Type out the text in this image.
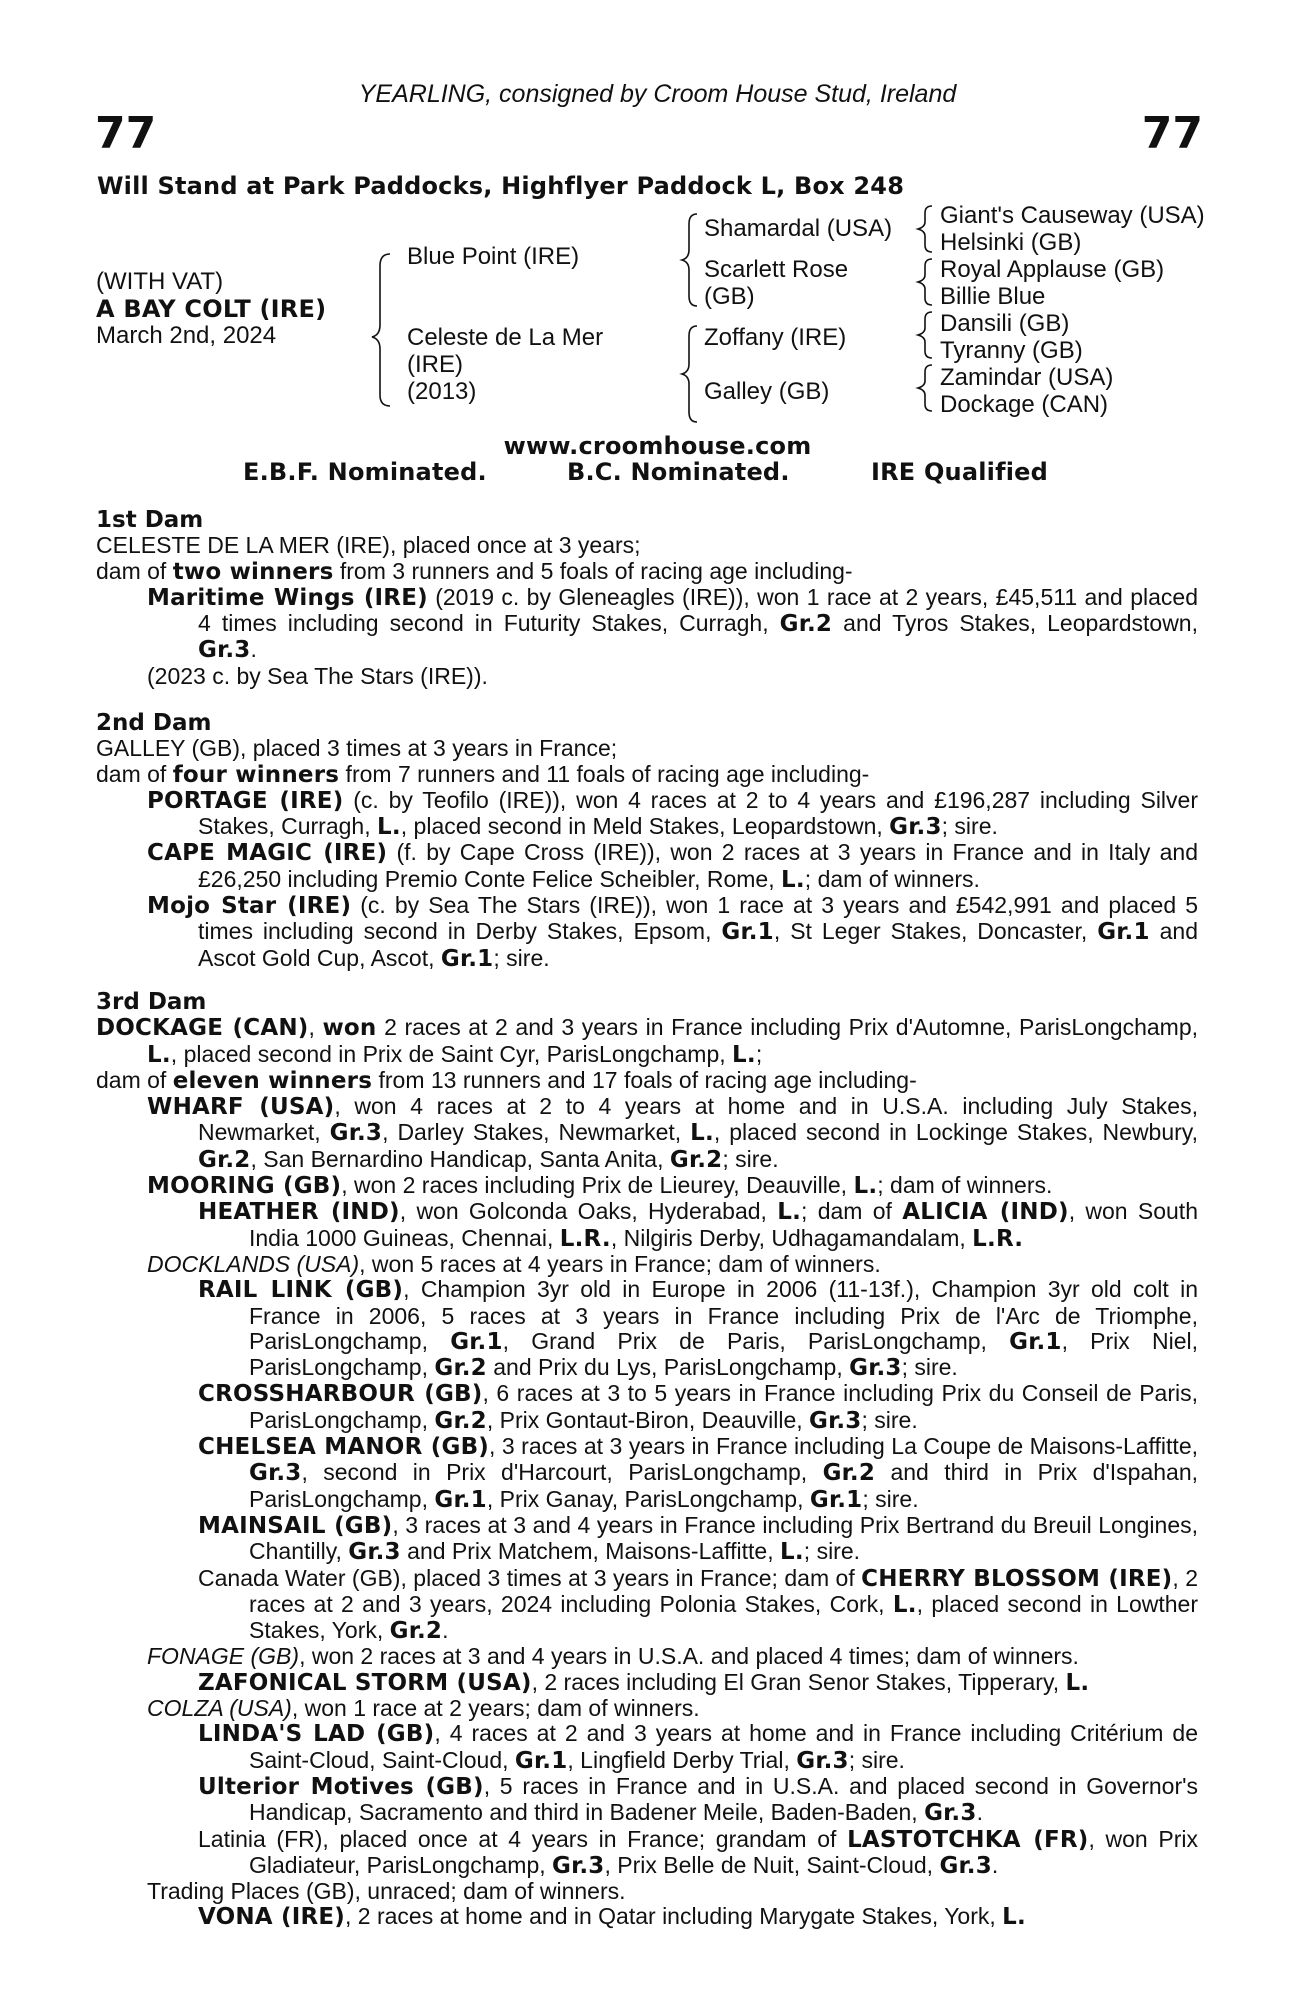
YEARLING, consigned by Croom House Stud, Ireland
77	77
Will Stand at Park Paddocks, Highflyer Paddock L, Box 248
(WITH VAT)
A BAY COLT (IRE)
March 2nd, 2024
Blue Point (IRE)
Celeste de La Mer
(IRE)
(2013)
Shamardal (USA)
Scarlett Rose
(GB)
Zoffany (IRE)
Galley (GB)
Giant's Causeway (USA)
Helsinki (GB)
Royal Applause (GB)
Billie Blue
Dansili (GB)
Tyranny (GB)
Zamindar (USA)
Dockage (CAN)
www.croomhouse.com
E.B.F. Nominated.	B.C. Nominated.	IRE Qualified

1st Dam

CELESTE DE LA MER (IRE), placed once at 3 years;

dam of two winners from 3 runners and 5 foals of racing age including-

Maritime Wings (IRE) (2019 c. by Gleneagles (IRE)), won 1 race at 2 years, £45,511 and placed 4 times including second in Futurity Stakes, Curragh, Gr.2 and Tyros Stakes, Leopardstown, Gr.3.

(2023 c. by Sea The Stars (IRE)).

2nd Dam

GALLEY (GB), placed 3 times at 3 years in France;

dam of four winners from 7 runners and 11 foals of racing age including-

PORTAGE (IRE) (c. by Teofilo (IRE)), won 4 races at 2 to 4 years and £196,287 including Silver Stakes, Curragh, L., placed second in Meld Stakes, Leopardstown, Gr.3; sire.

CAPE MAGIC (IRE) (f. by Cape Cross (IRE)), won 2 races at 3 years in France and in Italy and £26,250 including Premio Conte Felice Scheibler, Rome, L.; dam of winners.

Mojo Star (IRE) (c. by Sea The Stars (IRE)), won 1 race at 3 years and £542,991 and placed 5 times including second in Derby Stakes, Epsom, Gr.1, St Leger Stakes, Doncaster, Gr.1 and Ascot Gold Cup, Ascot, Gr.1; sire.

3rd Dam

DOCKAGE (CAN), won 2 races at 2 and 3 years in France including Prix d'Automne, ParisLongchamp, L., placed second in Prix de Saint Cyr, ParisLongchamp, L.;

dam of eleven winners from 13 runners and 17 foals of racing age including-

WHARF (USA), won 4 races at 2 to 4 years at home and in U.S.A. including July Stakes, Newmarket, Gr.3, Darley Stakes, Newmarket, L., placed second in Lockinge Stakes, Newbury, Gr.2, San Bernardino Handicap, Santa Anita, Gr.2; sire.

MOORING (GB), won 2 races including Prix de Lieurey, Deauville, L.; dam of winners.

HEATHER (IND), won Golconda Oaks, Hyderabad, L.; dam of ALICIA (IND), won South India 1000 Guineas, Chennai, L.R., Nilgiris Derby, Udhagamandalam, L.R.

DOCKLANDS (USA), won 5 races at 4 years in France; dam of winners.

RAIL LINK (GB), Champion 3yr old in Europe in 2006 (11-13f.), Champion 3yr old colt in France in 2006, 5 races at 3 years in France including Prix de l'Arc de Triomphe, ParisLongchamp, Gr.1, Grand Prix de Paris, ParisLongchamp, Gr.1, Prix Niel, ParisLongchamp, Gr.2 and Prix du Lys, ParisLongchamp, Gr.3; sire.

CROSSHARBOUR (GB), 6 races at 3 to 5 years in France including Prix du Conseil de Paris, ParisLongchamp, Gr.2, Prix Gontaut-Biron, Deauville, Gr.3; sire.

CHELSEA MANOR (GB), 3 races at 3 years in France including La Coupe de Maisons-Laffitte, Gr.3, second in Prix d'Harcourt, ParisLongchamp, Gr.2 and third in Prix d'Ispahan, ParisLongchamp, Gr.1, Prix Ganay, ParisLongchamp, Gr.1; sire.

MAINSAIL (GB), 3 races at 3 and 4 years in France including Prix Bertrand du Breuil Longines, Chantilly, Gr.3 and Prix Matchem, Maisons-Laffitte, L.; sire.

Canada Water (GB), placed 3 times at 3 years in France; dam of CHERRY BLOSSOM (IRE), 2 races at 2 and 3 years, 2024 including Polonia Stakes, Cork, L., placed second in Lowther Stakes, York, Gr.2.

FONAGE (GB), won 2 races at 3 and 4 years in U.S.A. and placed 4 times; dam of winners.

ZAFONICAL STORM (USA), 2 races including El Gran Senor Stakes, Tipperary, L.

COLZA (USA), won 1 race at 2 years; dam of winners.

LINDA'S LAD (GB), 4 races at 2 and 3 years at home and in France including Critérium de Saint-Cloud, Saint-Cloud, Gr.1, Lingfield Derby Trial, Gr.3; sire.

Ulterior Motives (GB), 5 races in France and in U.S.A. and placed second in Governor's Handicap, Sacramento and third in Badener Meile, Baden-Baden, Gr.3.

Latinia (FR), placed once at 4 years in France; grandam of LASTOTCHKA (FR), won Prix Gladiateur, ParisLongchamp, Gr.3, Prix Belle de Nuit, Saint-Cloud, Gr.3.

Trading Places (GB), unraced; dam of winners.

VONA (IRE), 2 races at home and in Qatar including Marygate Stakes, York, L.
